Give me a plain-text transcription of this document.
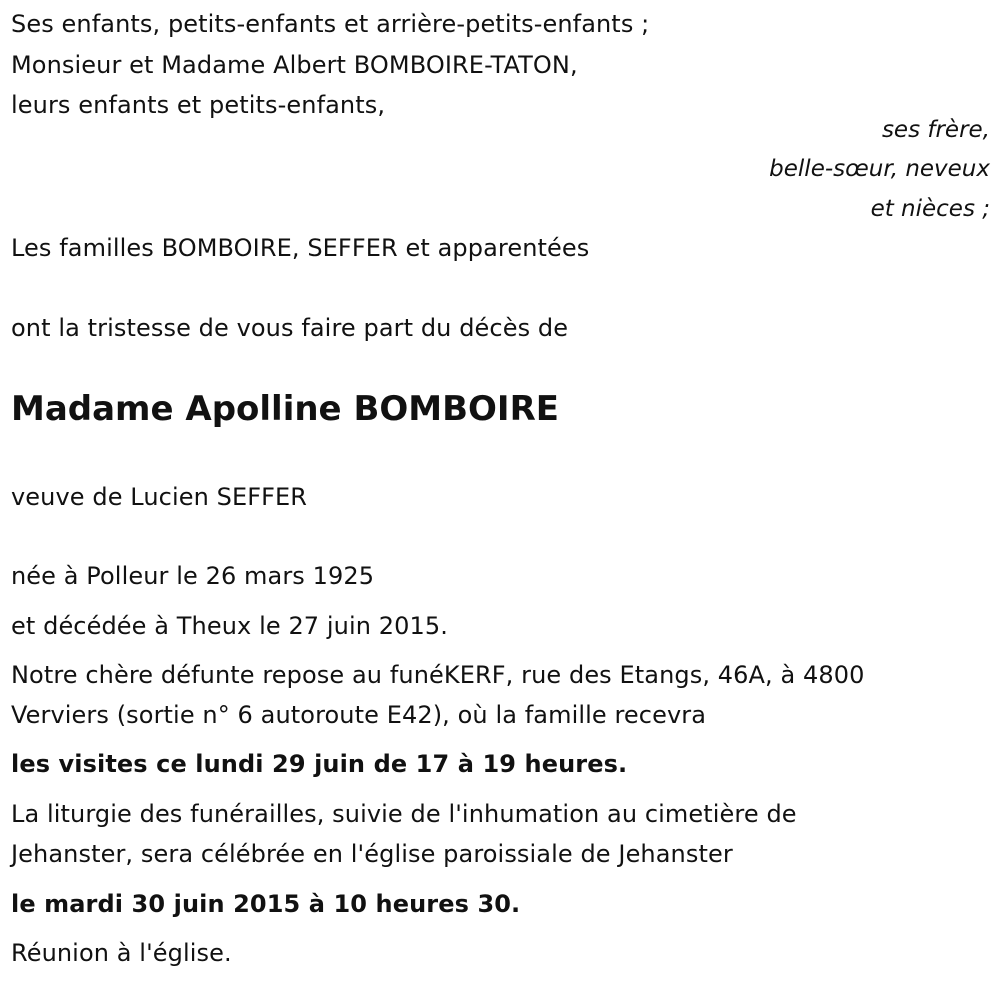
Ses enfants, petits-enfants et arrière-petits-enfants ;
Monsieur et Madame Albert BOMBOIRE-TATON,
leurs enfants et petits-enfants,
ses frère,
belle-sœur, neveux
et nièces ;
Les familles BOMBOIRE, SEFFER et apparentées
ont la tristesse de vous faire part du décès de
Madame Apolline BOMBOIRE
veuve de Lucien SEFFER
née à Polleur le 26 mars 1925
et décédée à Theux le 27 juin 2015.
Notre chère défunte repose au funéKERF, rue des Etangs, 46A, à 4800
Verviers (sortie n° 6 autoroute E42), où la famille recevra
les visites ce lundi 29 juin de 17 à 19 heures.
La liturgie des funérailles, suivie de l'inhumation au cimetière de
Jehanster, sera célébrée en l'église paroissiale de Jehanster
le mardi 30 juin 2015 à 10 heures 30.
Réunion à l'église.
